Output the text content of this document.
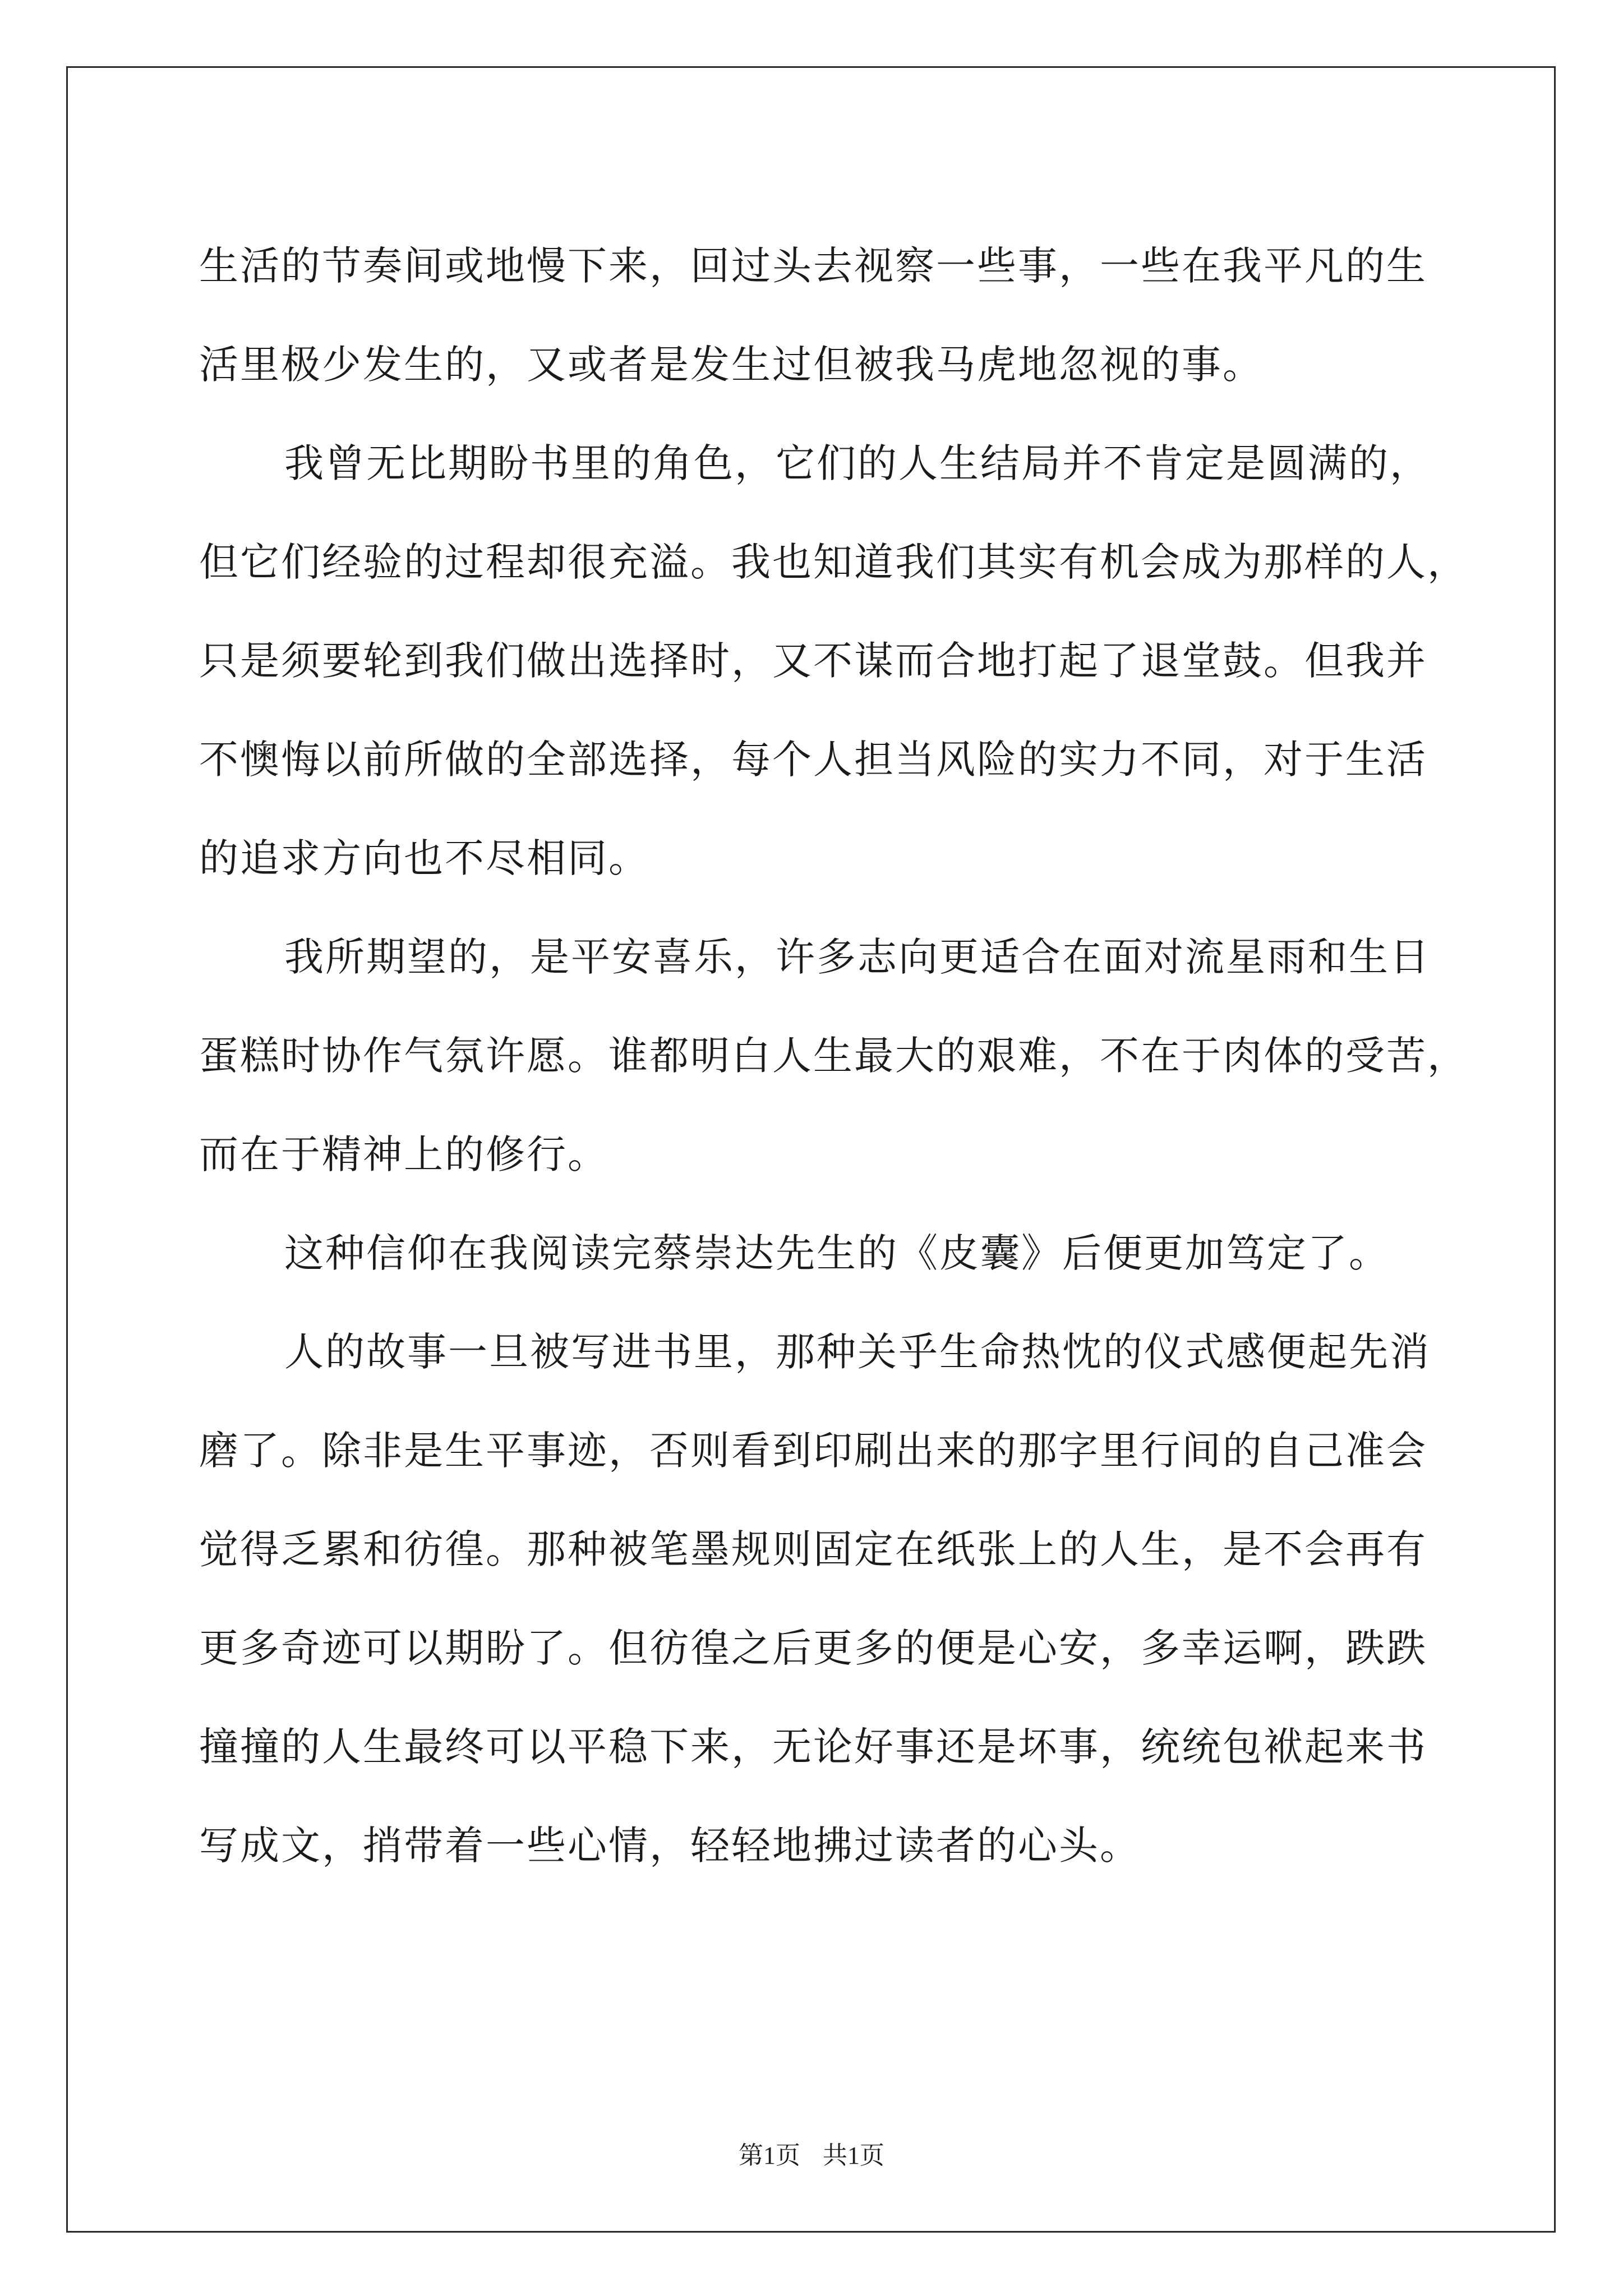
生活的节奏间或地慢下来，回过头去视察一些事，一些在我平凡的生
活里极少发生的，又或者是发生过但被我马虎地忽视的事。
我曾无比期盼书里的角色，它们的人生结局并不肯定是圆满的，
但它们经验的过程却很充溢。我也知道我们其实有机会成为那样的人，
只是须要轮到我们做出选择时，又不谋而合地打起了退堂鼓。但我并
不懊悔以前所做的全部选择，每个人担当风险的实力不同，对于生活
的追求方向也不尽相同。
我所期望的，是平安喜乐，许多志向更适合在面对流星雨和生日
蛋糕时协作气氛许愿。谁都明白人生最大的艰难，不在于肉体的受苦，
而在于精神上的修行。
这种信仰在我阅读完蔡崇达先生的《皮囊》后便更加笃定了。
人的故事一旦被写进书里，那种关乎生命热忱的仪式感便起先消
磨了。除非是生平事迹，否则看到印刷出来的那字里行间的自己准会
觉得乏累和彷徨。那种被笔墨规则固定在纸张上的人生，是不会再有
更多奇迹可以期盼了。但彷徨之后更多的便是心安，多幸运啊，跌跌
撞撞的人生最终可以平稳下来，无论好事还是坏事，统统包袱起来书
写成文，捎带着一些心情，轻轻地拂过读者的心头。
第1页 共1页
